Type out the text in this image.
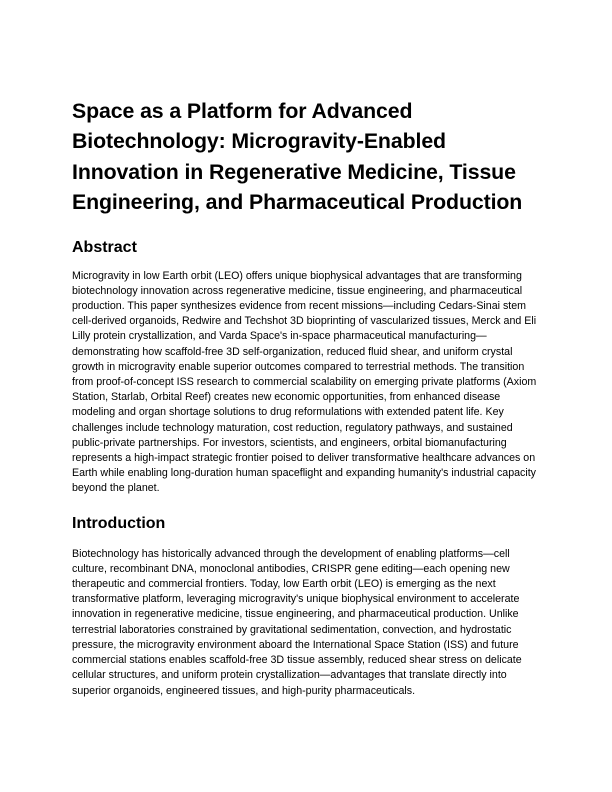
Space as a Platform for Advanced Biotechnology: Microgravity-Enabled Innovation in Regenerative Medicine, Tissue Engineering, and Pharmaceutical Production
Abstract

Microgravity in low Earth orbit (LEO) offers unique biophysical advantages that are transforming biotechnology innovation across regenerative medicine, tissue engineering, and pharmaceutical production. This paper synthesizes evidence from recent missions—including Cedars-Sinai stem cell-derived organoids, Redwire and Techshot 3D bioprinting of vascularized tissues, Merck and Eli Lilly protein crystallization, and Varda Space's in-space pharmaceutical manufacturing—demonstrating how scaffold-free 3D self-organization, reduced fluid shear, and uniform crystal growth in microgravity enable superior outcomes compared to terrestrial methods. The transition from proof-of-concept ISS research to commercial scalability on emerging private platforms (Axiom Station, Starlab, Orbital Reef) creates new economic opportunities, from enhanced disease modeling and organ shortage solutions to drug reformulations with extended patent life. Key challenges include technology maturation, cost reduction, regulatory pathways, and sustained public-private partnerships. For investors, scientists, and engineers, orbital biomanufacturing represents a high-impact strategic frontier poised to deliver transformative healthcare advances on Earth while enabling long-duration human spaceflight and expanding humanity's industrial capacity beyond the planet.

Introduction

Biotechnology has historically advanced through the development of enabling platforms—cell culture, recombinant DNA, monoclonal antibodies, CRISPR gene editing—each opening new therapeutic and commercial frontiers. Today, low Earth orbit (LEO) is emerging as the next transformative platform, leveraging microgravity's unique biophysical environment to accelerate innovation in regenerative medicine, tissue engineering, and pharmaceutical production. Unlike terrestrial laboratories constrained by gravitational sedimentation, convection, and hydrostatic pressure, the microgravity environment aboard the International Space Station (ISS) and future commercial stations enables scaffold-free 3D tissue assembly, reduced shear stress on delicate cellular structures, and uniform protein crystallization—advantages that translate directly into superior organoids, engineered tissues, and high-purity pharmaceuticals.
